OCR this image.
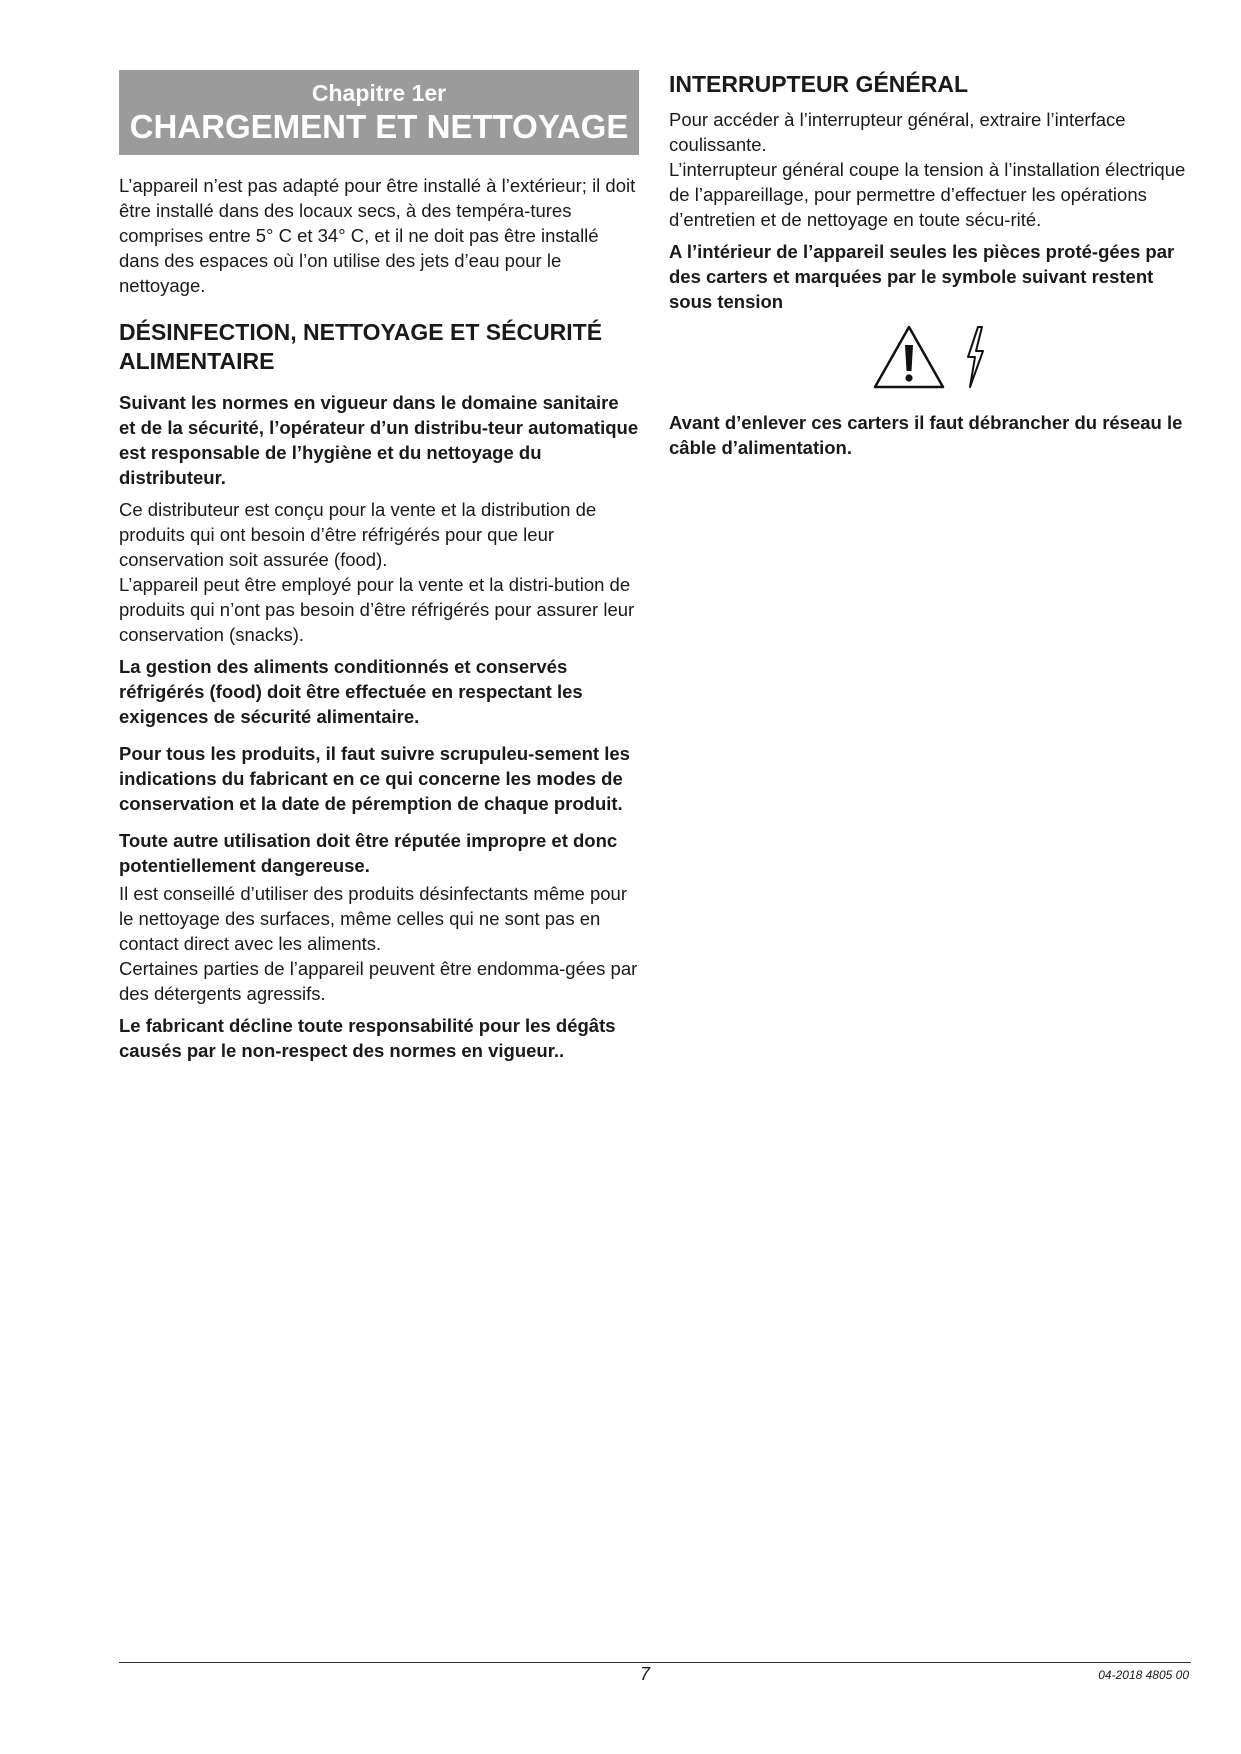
Chapitre 1er
CHARGEMENT ET NETTOYAGE

L’appareil n’est pas adapté pour être installé à l’extérieur; il doit être installé dans des locaux secs, à des tempéra-tures comprises entre 5° C et 34° C, et il ne doit pas être installé dans des espaces où l’on utilise des jets d’eau pour le nettoyage.

DÉSINFECTION, NETTOYAGE ET SÉCURITÉ ALIMENTAIRE

Suivant les normes en vigueur dans le domaine sanitaire et de la sécurité, l’opérateur d’un distribu-teur automatique est responsable de l’hygiène et du nettoyage du distributeur.

Ce distributeur est conçu pour la vente et la distribution de produits qui ont besoin d’être réfrigérés pour que leur conservation soit assurée (food).

L’appareil peut être employé pour la vente et la distri-bution de produits qui n’ont pas besoin d’être réfrigérés pour assurer leur conservation (snacks).

La gestion des aliments conditionnés et conservés réfrigérés (food) doit être effectuée en respectant les exigences de sécurité alimentaire.

Pour tous les produits, il faut suivre scrupuleu-sement les indications du fabricant en ce qui concerne les modes de conservation et la date de péremption de chaque produit.

Toute autre utilisation doit être réputée impropre et donc potentiellement dangereuse.

Il est conseillé d’utiliser des produits désinfectants même pour le nettoyage des surfaces, même celles qui ne sont pas en contact direct avec les aliments.

Certaines parties de l’appareil peuvent être endomma-gées par des détergents agressifs.

Le fabricant décline toute responsabilité pour les dégâts causés par le non-respect des normes en vigueur..

INTERRUPTEUR GÉNÉRAL

Pour accéder à l’interrupteur général, extraire l’interface coulissante.

L’interrupteur général coupe la tension à l’installation électrique de l’appareillage, pour permettre d’effectuer les opérations d’entretien et de nettoyage en toute sécu-rité.

A l’intérieur de l’appareil seules les pièces proté-gées par des carters et marquées par le symbole suivant restent sous tension

Avant d’enlever ces carters il faut débrancher du réseau le câble d’alimentation.

7	04-2018 4805 00
